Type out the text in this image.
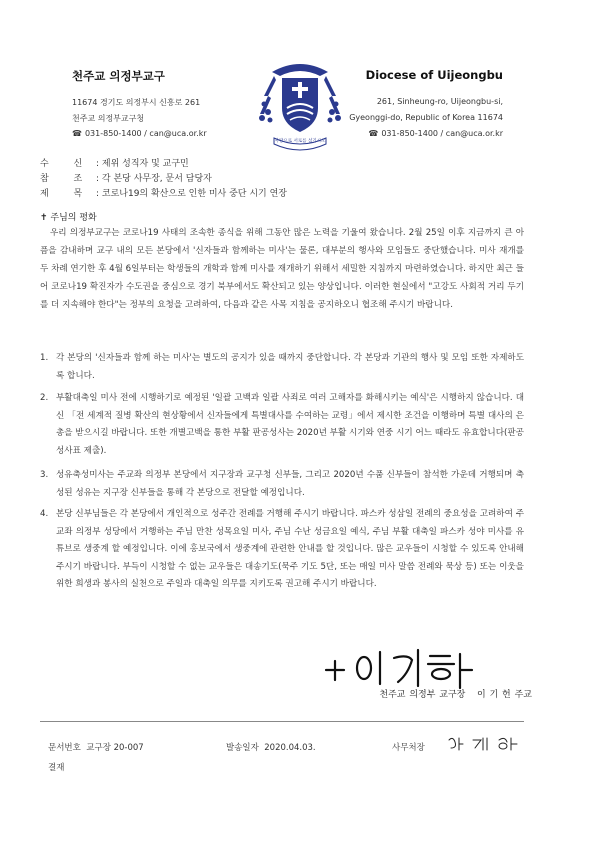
천주교 의정부교구	Diocese of Uijeongbu
11674 경기도 의정부시 신흥로 261
천주교 의정부교구청
☎ 031-850-1400 / can@uca.or.kr
261, Sinheung-ro, Uijeongbu-si,
Gyeonggi-do, Republic of Korea 11674
☎ 031-850-1400 / can@uca.or.kr
사랑으로 서로를 섬기시오
수 신 : 제위 성직자 및 교구민
참 조 : 각 본당 사무장, 문서 담당자
제 목 : 코로나19의 확산으로 인한 미사 중단 시기 연장
✝ 주님의 평화
우리 의정부교구는 코로나19 사태의 조속한 종식을 위해 그동안 많은 노력을 기울여 왔습니다. 2월 25일 이후 지금까지 큰 아픔을 감내하며 교구 내의 모든 본당에서 '신자들과 함께하는 미사'는 물론, 대부분의 행사와 모임들도 중단했습니다. 미사 재개를 두 차례 연기한 후 4월 6일부터는 학생들의 개학과 함께 미사를 재개하기 위해서 세밀한 지침까지 마련하였습니다. 하지만 최근 들어 코로나19 확진자가 수도권을 중심으로 경기 북부에서도 확산되고 있는 양상입니다. 이러한 현실에서 "고강도 사회적 거리 두기를 더 지속해야 한다"는 정부의 요청을 고려하여, 다음과 같은 사목 지침을 공지하오니 협조해 주시기 바랍니다.
1. 각 본당의 '신자들과 함께 하는 미사'는 별도의 공지가 있을 때까지 중단합니다. 각 본당과 기관의 행사 및 모임 또한 자제하도록 합니다.
2. 부활대축일 미사 전에 시행하기로 예정된 '일괄 고백과 일괄 사죄로 여러 고해자를 화해시키는 예식'은 시행하지 않습니다. 대신 「전 세계적 질병 확산의 현상황에서 신자들에게 특별대사를 수여하는 교령」에서 제시한 조건을 이행하며 특별 대사의 은총을 받으시길 바랍니다. 또한 개별고백을 통한 부활 판공성사는 2020년 부활 시기와 연중 시기 어느 때라도 유효합니다(판공성사표 제출).
3. 성유축성미사는 주교좌 의정부 본당에서 지구장과 교구청 신부들, 그리고 2020년 수품 신부들이 참석한 가운데 거행되며 축성된 성유는 지구장 신부들을 통해 각 본당으로 전달할 예정입니다.
4. 본당 신부님들은 각 본당에서 개인적으로 성주간 전례를 거행해 주시기 바랍니다. 파스카 성삼일 전례의 중요성을 고려하여 주교좌 의정부 성당에서 거행하는 주님 만찬 성목요일 미사, 주님 수난 성금요일 예식, 주님 부활 대축일 파스카 성야 미사를 유튜브로 생중계 할 예정입니다. 이에 홍보국에서 생중계에 관련한 안내를 할 것입니다. 많은 교우들이 시청할 수 있도록 안내해 주시기 바랍니다. 부득이 시청할 수 없는 교우들은 대송기도(묵주 기도 5단, 또는 매일 미사 말씀 전례와 묵상 등) 또는 이웃을 위한 희생과 봉사의 실천으로 주일과 대축일 의무를 지키도록 권고해 주시기 바랍니다.
천주교 의정부 교구장   이 기 헌 주교
문서번호 교구장 20-007	발송일자 2020.04.03.	사무처장
결재
